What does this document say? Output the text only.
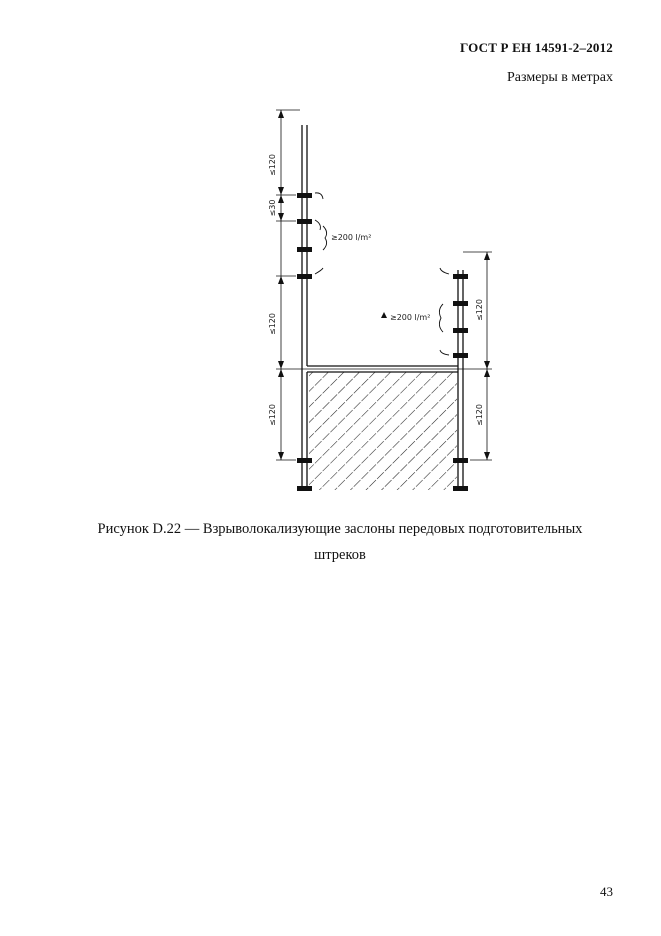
ГОСТ Р ЕН 14591-2–2012
Размеры в метрах
≤120
≤30
≤120
≤120
≤120
≤120
≥200 l/m²
≥200 l/m²
Рисунок D.22 — Взрыволокализующие заслоны передовых подготовительных
штреков
43
